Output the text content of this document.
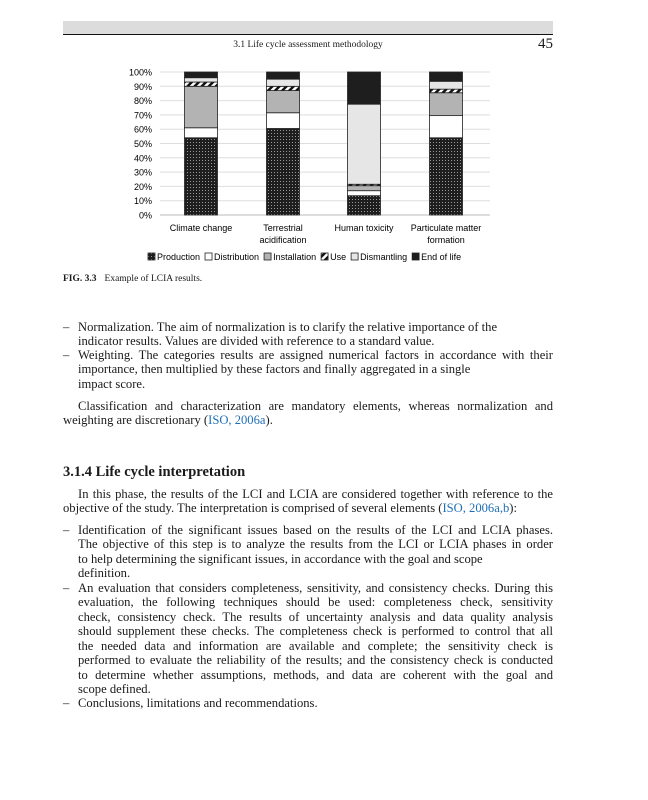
3.1 Life cycle assessment methodology	45
0%
10%
20%
30%
40%
50%
60%
70%
80%
90%
100%
Climate change	Terrestrial
acidification
Human toxicity Particulate matter
formation
Production Distribution Installation Use Dismantling End of life
FIG. 3.3 Example of LCIA results.
– Normalization. The aim of normalization is to clarify the relative importance of the
indicator results. Values are divided with reference to a standard value.
– Weighting. The categories results are assigned numerical factors in accordance with their
importance, then multiplied by these factors and finally aggregated in a single
impact score.
Classification and characterization are mandatory elements, whereas normalization and
weighting are discretionary (ISO, 2006a).
3.1.4 Life cycle interpretation
In this phase, the results of the LCI and LCIA are considered together with reference to the
objective of the study. The interpretation is comprised of several elements (ISO, 2006a,b):
– Identification of the significant issues based on the results of the LCI and LCIA phases.
The objective of this step is to analyze the results from the LCI or LCIA phases in order
to help determining the significant issues, in accordance with the goal and scope
definition.
– An evaluation that considers completeness, sensitivity, and consistency checks. During this
evaluation, the following techniques should be used: completeness check, sensitivity
check, consistency check. The results of uncertainty analysis and data quality analysis
should supplement these checks. The completeness check is performed to control that all
the needed data and information are available and complete; the sensitivity check is
performed to evaluate the reliability of the results; and the consistency check is conducted
to determine whether assumptions, methods, and data are coherent with the goal and
scope defined.
– Conclusions, limitations and recommendations.
